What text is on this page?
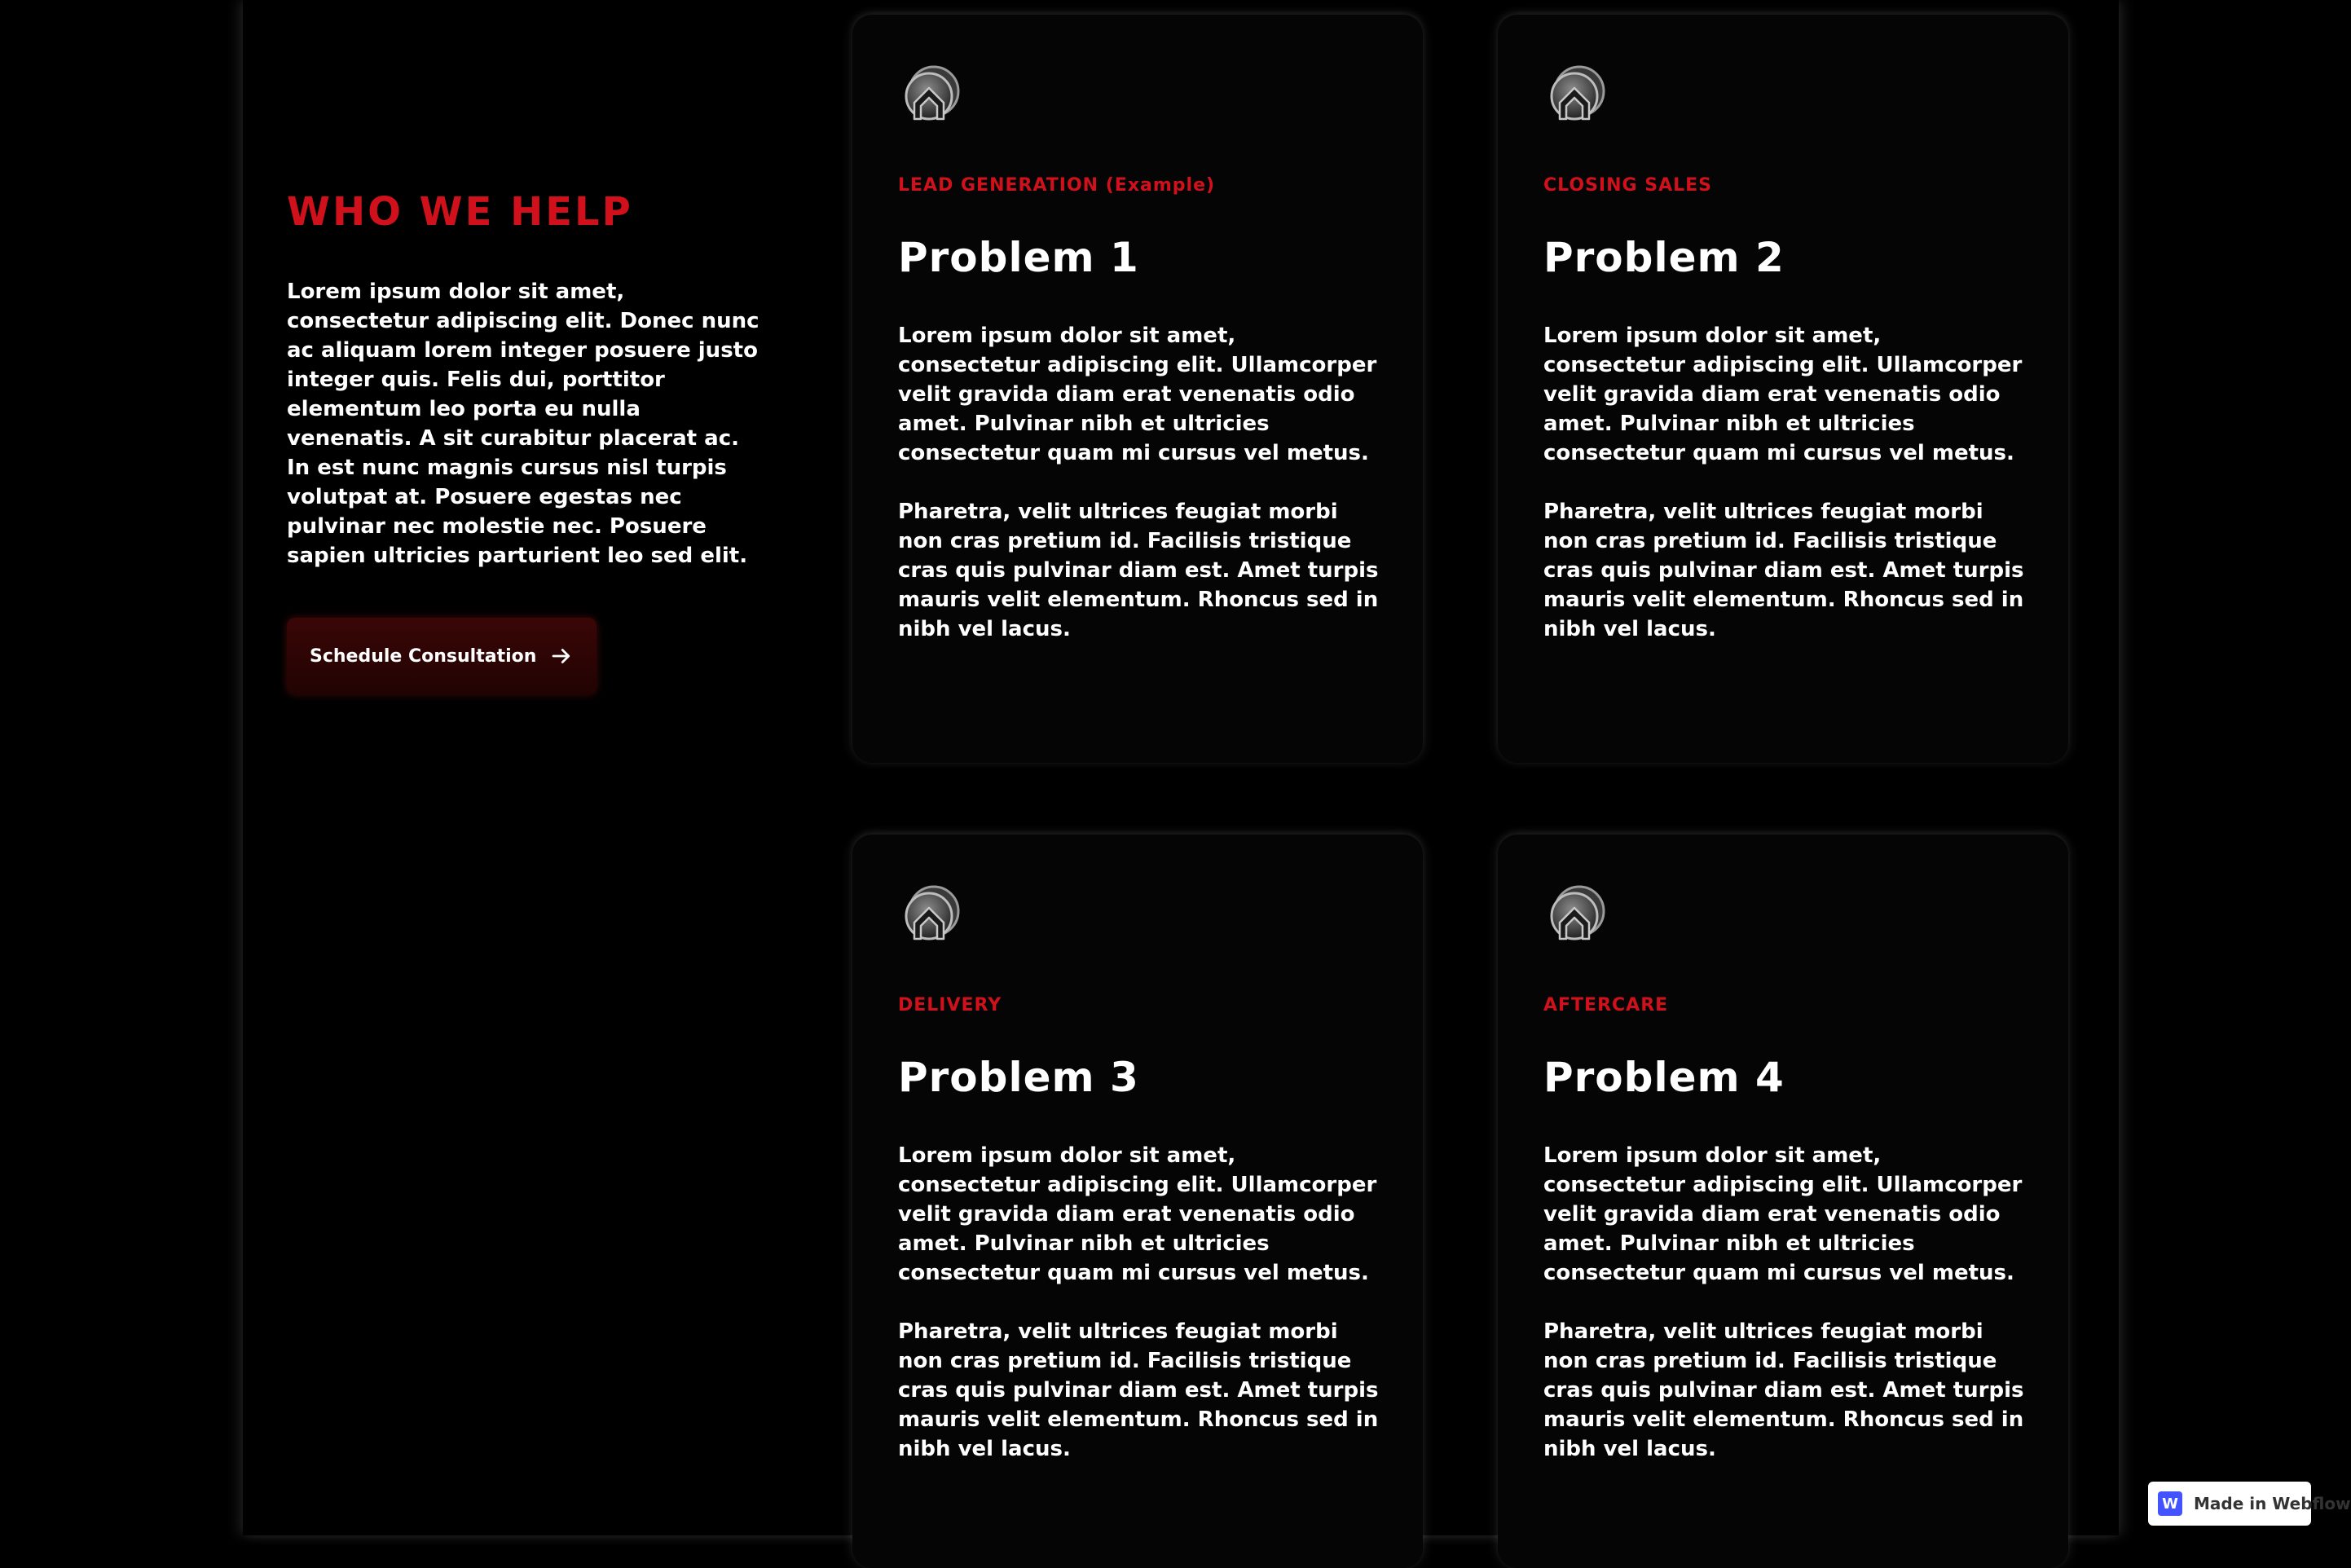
WHO WE HELP

Lorem ipsum dolor sit amet, consectetur adipiscing elit. Donec nunc ac aliquam lorem integer posuere justo integer quis. Felis dui, porttitor elementum leo porta eu nulla venenatis. A sit curabitur placerat ac. In est nunc magnis cursus nisl turpis volutpat at. Posuere egestas nec pulvinar nec molestie nec. Posuere sapien ultricies parturient leo sed elit.

Schedule Consultation
LEAD GENERATION (Example)
Problem 1

Lorem ipsum dolor sit amet, consectetur adipiscing elit. Ullamcorper velit gravida diam erat venenatis odio amet. Pulvinar nibh et ultricies consectetur quam mi cursus vel metus.

Pharetra, velit ultrices feugiat morbi non cras pretium id. Facilisis tristique cras quis pulvinar diam est. Amet turpis mauris velit elementum. Rhoncus sed in nibh vel lacus.

CLOSING SALES
Problem 2

Lorem ipsum dolor sit amet, consectetur adipiscing elit. Ullamcorper velit gravida diam erat venenatis odio amet. Pulvinar nibh et ultricies consectetur quam mi cursus vel metus.

Pharetra, velit ultrices feugiat morbi non cras pretium id. Facilisis tristique cras quis pulvinar diam est. Amet turpis mauris velit elementum. Rhoncus sed in nibh vel lacus.

DELIVERY
Problem 3

Lorem ipsum dolor sit amet, consectetur adipiscing elit. Ullamcorper velit gravida diam erat venenatis odio amet. Pulvinar nibh et ultricies consectetur quam mi cursus vel metus.

Pharetra, velit ultrices feugiat morbi non cras pretium id. Facilisis tristique cras quis pulvinar diam est. Amet turpis mauris velit elementum. Rhoncus sed in nibh vel lacus.

AFTERCARE
Problem 4

Lorem ipsum dolor sit amet, consectetur adipiscing elit. Ullamcorper velit gravida diam erat venenatis odio amet. Pulvinar nibh et ultricies consectetur quam mi cursus vel metus.

Pharetra, velit ultrices feugiat morbi non cras pretium id. Facilisis tristique cras quis pulvinar diam est. Amet turpis mauris velit elementum. Rhoncus sed in nibh vel lacus.

W Made in Webflow
